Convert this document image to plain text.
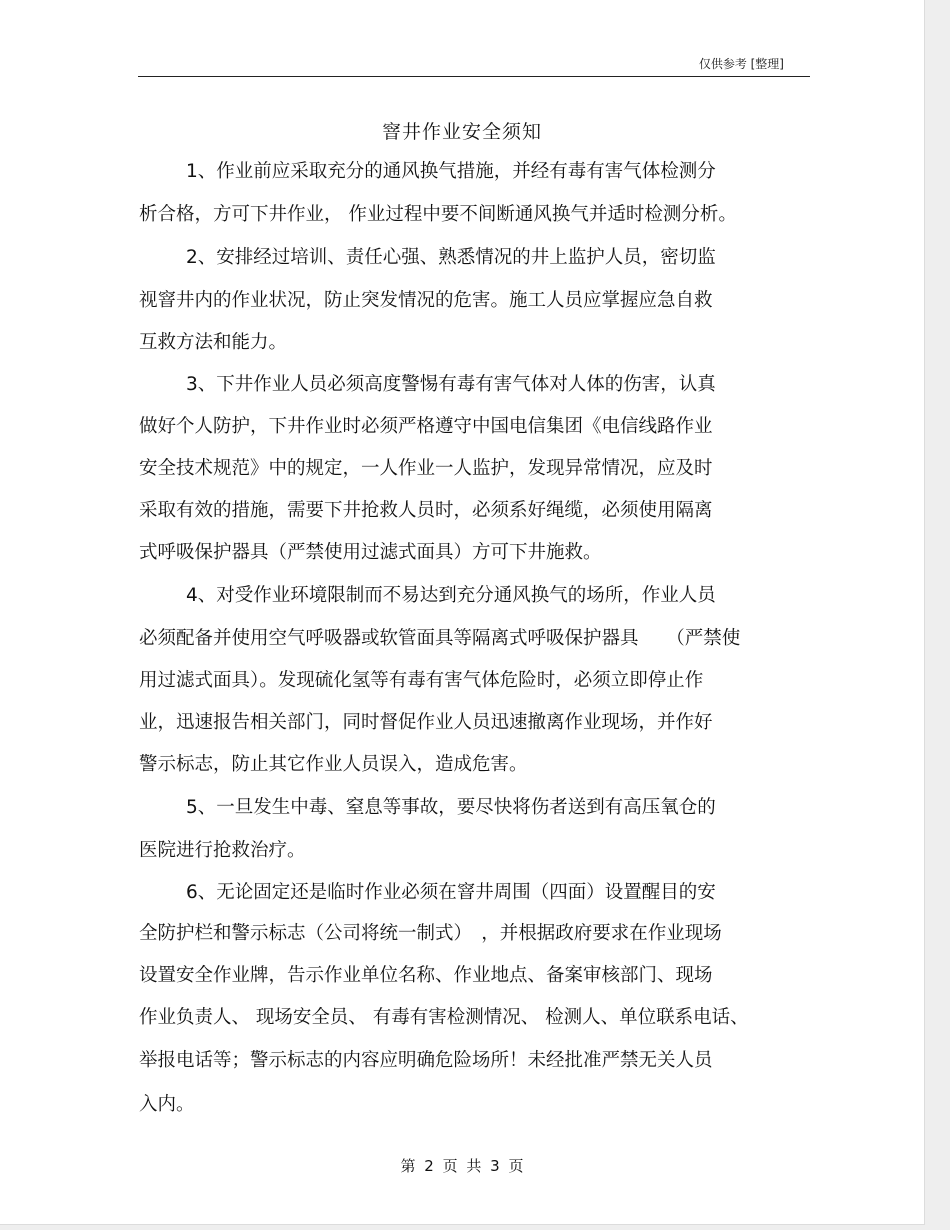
仅供参考 [整理]
窨井作业安全须知
1、作业前应采取充分的通风换气措施，并经有毒有害气体检测分
析合格，方可下井作业， 作业过程中要不间断通风换气并适时检测分析。
2、安排经过培训、责任心强、熟悉情况的井上监护人员，密切监
视窨井内的作业状况，防止突发情况的危害。施工人员应掌握应急自救
互救方法和能力。
3、下井作业人员必须高度警惕有毒有害气体对人体的伤害，认真
做好个人防护，下井作业时必须严格遵守中国电信集团《电信线路作业
安全技术规范》中的规定，一人作业一人监护，发现异常情况，应及时
采取有效的措施，需要下井抢救人员时，必须系好绳缆，必须使用隔离
式呼吸保护器具（严禁使用过滤式面具）方可下井施救。
4、对受作业环境限制而不易达到充分通风换气的场所，作业人员
必须配备并使用空气呼吸器或软管面具等隔离式呼吸保护器具　　（严禁使
用过滤式面具）。发现硫化氢等有毒有害气体危险时，必须立即停止作
业，迅速报告相关部门，同时督促作业人员迅速撤离作业现场，并作好
警示标志，防止其它作业人员误入，造成危害。
5、一旦发生中毒、窒息等事故，要尽快将伤者送到有高压氧仓的
医院进行抢救治疗。
6、无论固定还是临时作业必须在窨井周围（四面）设置醒目的安
全防护栏和警示标志（公司将统一制式）　，并根据政府要求在作业现场
设置安全作业牌，告示作业单位名称、作业地点、备案审核部门、现场
作业负责人、 现场安全员、 有毒有害检测情况、 检测人、单位联系电话、
举报电话等；警示标志的内容应明确危险场所！未经批准严禁无关人员
入内。
第 2 页 共 3 页
